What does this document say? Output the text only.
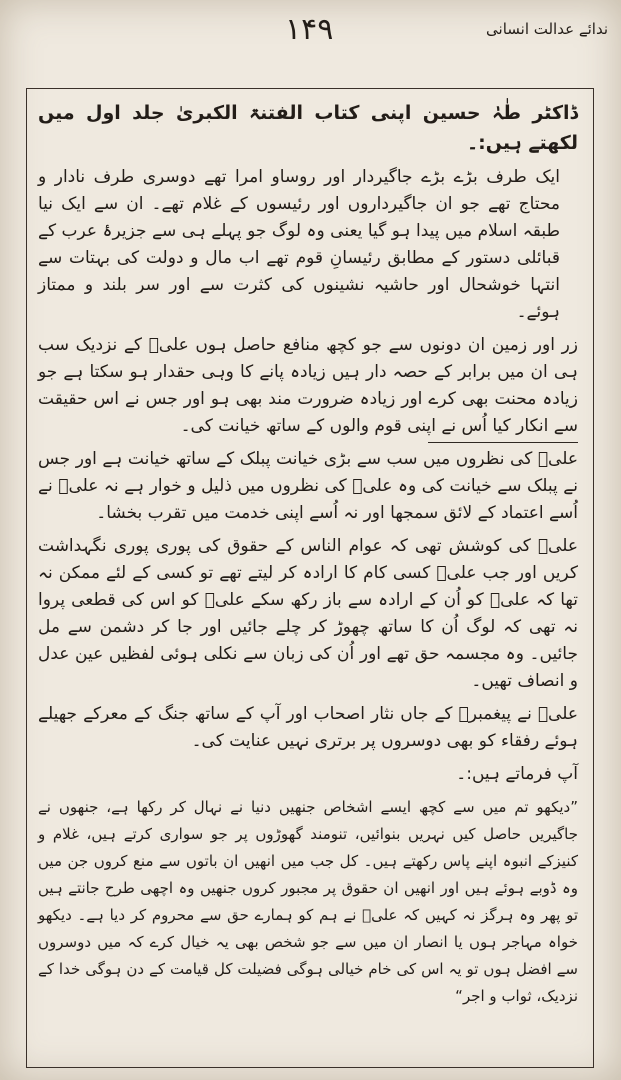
۱۴۹	ندائے عدالت انسانی

ڈاکٹر طٰہٰ حسین اپنی کتاب الفتنۃ الکبریٰ جلد اول میں لکھتے ہیں:۔

ایک طرف بڑے بڑے جاگیردار اور روساو امرا تھے دوسری طرف نادار و محتاج تھے جو ان جاگیرداروں اور رئیسوں کے غلام تھے۔ ان سے ایک نیا طبقہ اسلام میں پیدا ہو گیا یعنی وہ لوگ جو پہلے ہی سے جزیرۂ عرب کے قبائلی دستور کے مطابق رئیسانِ قوم تھے اب مال و دولت کی بہتات سے انتہا خوشحال اور حاشیہ نشینوں کی کثرت سے اور سر بلند و ممتاز ہوئے۔

زر اور زمین ان دونوں سے جو کچھ منافع حاصل ہوں علیؑ کے نزدیک سب ہی ان میں برابر کے حصہ دار ہیں زیادہ پانے کا وہی حقدار ہو سکتا ہے جو زیادہ محنت بھی کرے اور زیادہ ضرورت مند بھی ہو اور جس نے اس حقیقت سے انکار کیا اُس نے اپنی قوم والوں کے ساتھ خیانت کی۔

علیؑ کی نظروں میں سب سے بڑی خیانت پبلک کے ساتھ خیانت ہے اور جس نے پبلک سے خیانت کی وہ علیؑ کی نظروں میں ذلیل و خوار ہے نہ علیؑ نے اُسے اعتماد کے لائق سمجھا اور نہ اُسے اپنی خدمت میں تقرب بخشا۔

علیؑ کی کوشش تھی کہ عوام الناس کے حقوق کی پوری پوری نگہداشت کریں اور جب علیؑ کسی کام کا ارادہ کر لیتے تھے تو کسی کے لئے ممکن نہ تھا کہ علیؑ کو اُن کے ارادہ سے باز رکھ سکے علیؑ کو اس کی قطعی پروا نہ تھی کہ لوگ اُن کا ساتھ چھوڑ کر چلے جائیں اور جا کر دشمن سے مل جائیں۔ وہ مجسمہ حق تھے اور اُن کی زبان سے نکلی ہوئی لفظیں عین عدل و انصاف تھیں۔

علیؑ نے پیغمبرؐ کے جاں نثار اصحاب اور آپ کے ساتھ جنگ کے معرکے جھیلے ہوئے رفقاء کو بھی دوسروں پر برتری نہیں عنایت کی۔

آپ فرماتے ہیں:۔

”دیکھو تم میں سے کچھ ایسے اشخاص جنھیں دنیا نے نہال کر رکھا ہے، جنھوں نے جاگیریں حاصل کیں نہریں بنوائیں، تنومند گھوڑوں پر جو سواری کرتے ہیں، غلام و کنیزکے انبوہ اپنے پاس رکھتے ہیں۔ کل جب میں انھیں ان باتوں سے منع کروں جن میں وہ ڈوبے ہوئے ہیں اور انھیں ان حقوق پر مجبور کروں جنھیں وہ اچھی طرح جانتے ہیں تو پھر وہ ہرگز نہ کہیں کہ علیؑ نے ہم کو ہمارے حق سے محروم کر دیا ہے۔ دیکھو خواہ مہاجر ہوں یا انصار ان میں سے جو شخص بھی یہ خیال کرے کہ میں دوسروں سے افضل ہوں تو یہ اس کی خام خیالی ہوگی فضیلت کل قیامت کے دن ہوگی خدا کے نزدیک، ثواب و اجر“
